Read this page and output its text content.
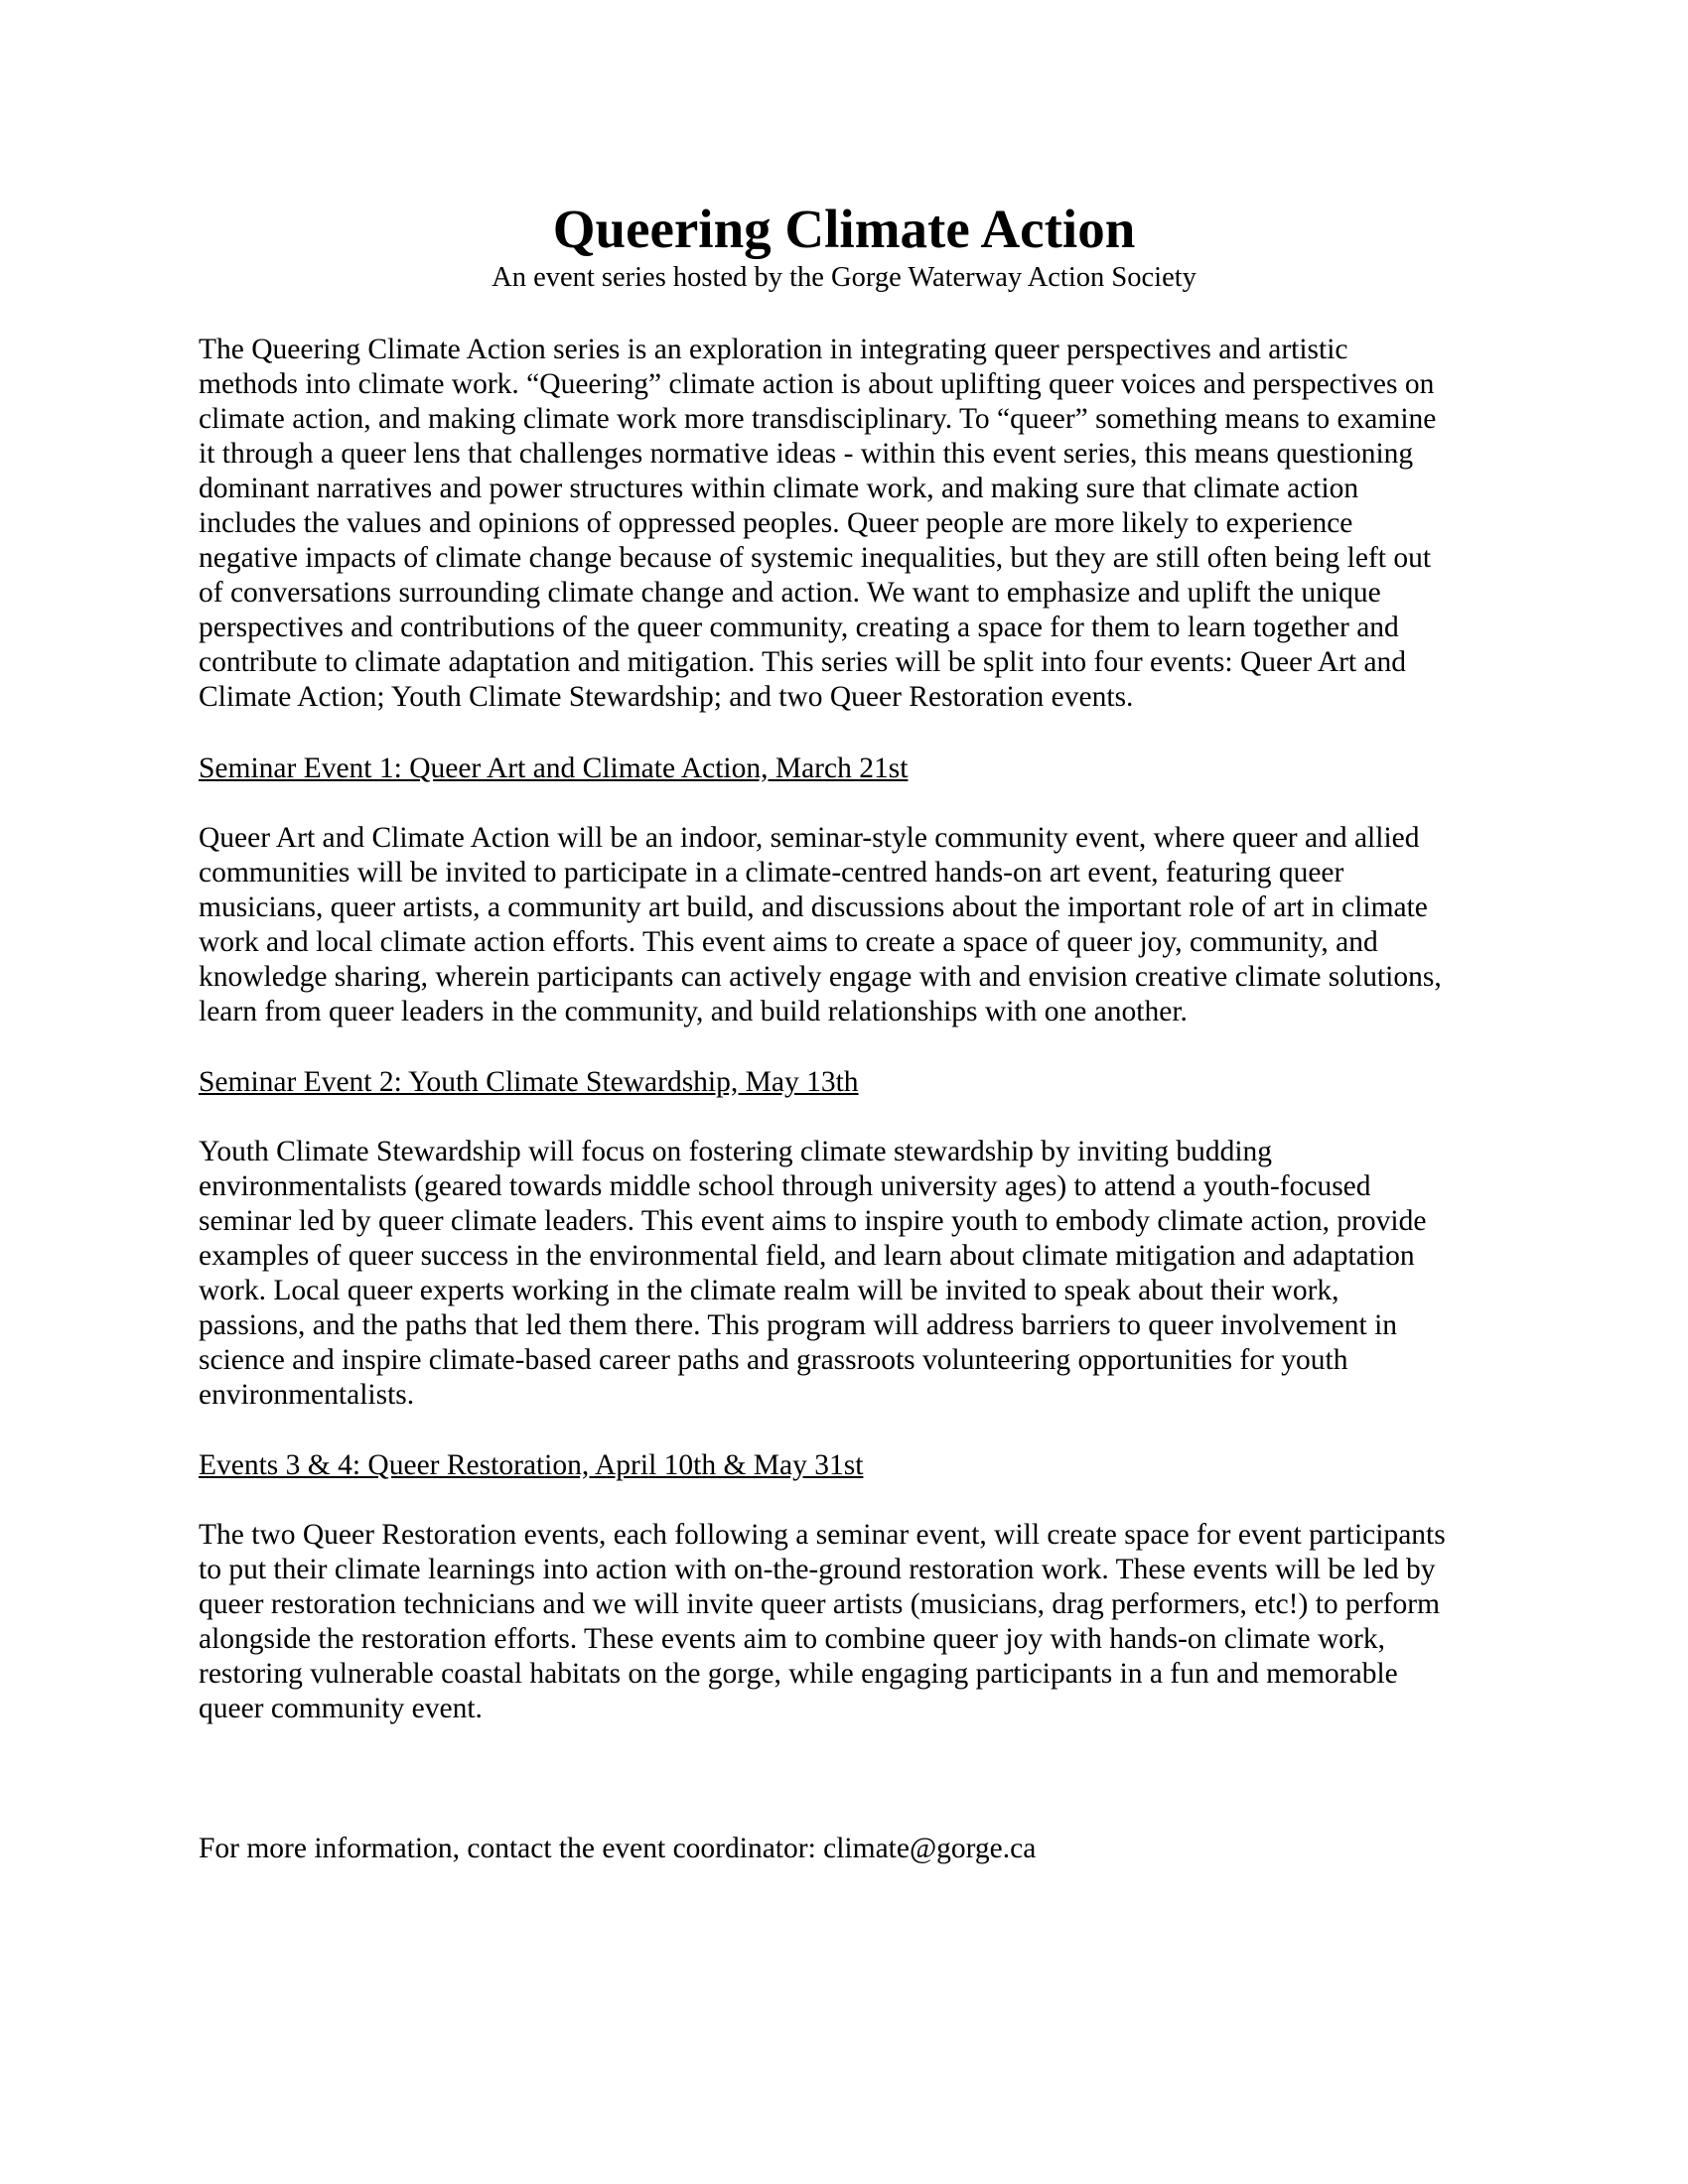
Queering Climate Action
An event series hosted by the Gorge Waterway Action Society
The Queering Climate Action series is an exploration in integrating queer perspectives and artistic
methods into climate work. “Queering” climate action is about uplifting queer voices and perspectives on
climate action, and making climate work more transdisciplinary. To “queer” something means to examine
it through a queer lens that challenges normative ideas - within this event series, this means questioning
dominant narratives and power structures within climate work, and making sure that climate action
includes the values and opinions of oppressed peoples. Queer people are more likely to experience
negative impacts of climate change because of systemic inequalities, but they are still often being left out
of conversations surrounding climate change and action. We want to emphasize and uplift the unique
perspectives and contributions of the queer community, creating a space for them to learn together and
contribute to climate adaptation and mitigation. This series will be split into four events: Queer Art and
Climate Action; Youth Climate Stewardship; and two Queer Restoration events.
Seminar Event 1: Queer Art and Climate Action, March 21st
Queer Art and Climate Action will be an indoor, seminar-style community event, where queer and allied
communities will be invited to participate in a climate-centred hands-on art event, featuring queer
musicians, queer artists, a community art build, and discussions about the important role of art in climate
work and local climate action efforts. This event aims to create a space of queer joy, community, and
knowledge sharing, wherein participants can actively engage with and envision creative climate solutions,
learn from queer leaders in the community, and build relationships with one another.
Seminar Event 2: Youth Climate Stewardship, May 13th
Youth Climate Stewardship will focus on fostering climate stewardship by inviting budding
environmentalists (geared towards middle school through university ages) to attend a youth-focused
seminar led by queer climate leaders. This event aims to inspire youth to embody climate action, provide
examples of queer success in the environmental field, and learn about climate mitigation and adaptation
work. Local queer experts working in the climate realm will be invited to speak about their work,
passions, and the paths that led them there. This program will address barriers to queer involvement in
science and inspire climate-based career paths and grassroots volunteering opportunities for youth
environmentalists.
Events 3 & 4: Queer Restoration, April 10th & May 31st
The two Queer Restoration events, each following a seminar event, will create space for event participants
to put their climate learnings into action with on-the-ground restoration work. These events will be led by
queer restoration technicians and we will invite queer artists (musicians, drag performers, etc!) to perform
alongside the restoration efforts. These events aim to combine queer joy with hands-on climate work,
restoring vulnerable coastal habitats on the gorge, while engaging participants in a fun and memorable
queer community event.
For more information, contact the event coordinator: climate@gorge.ca
